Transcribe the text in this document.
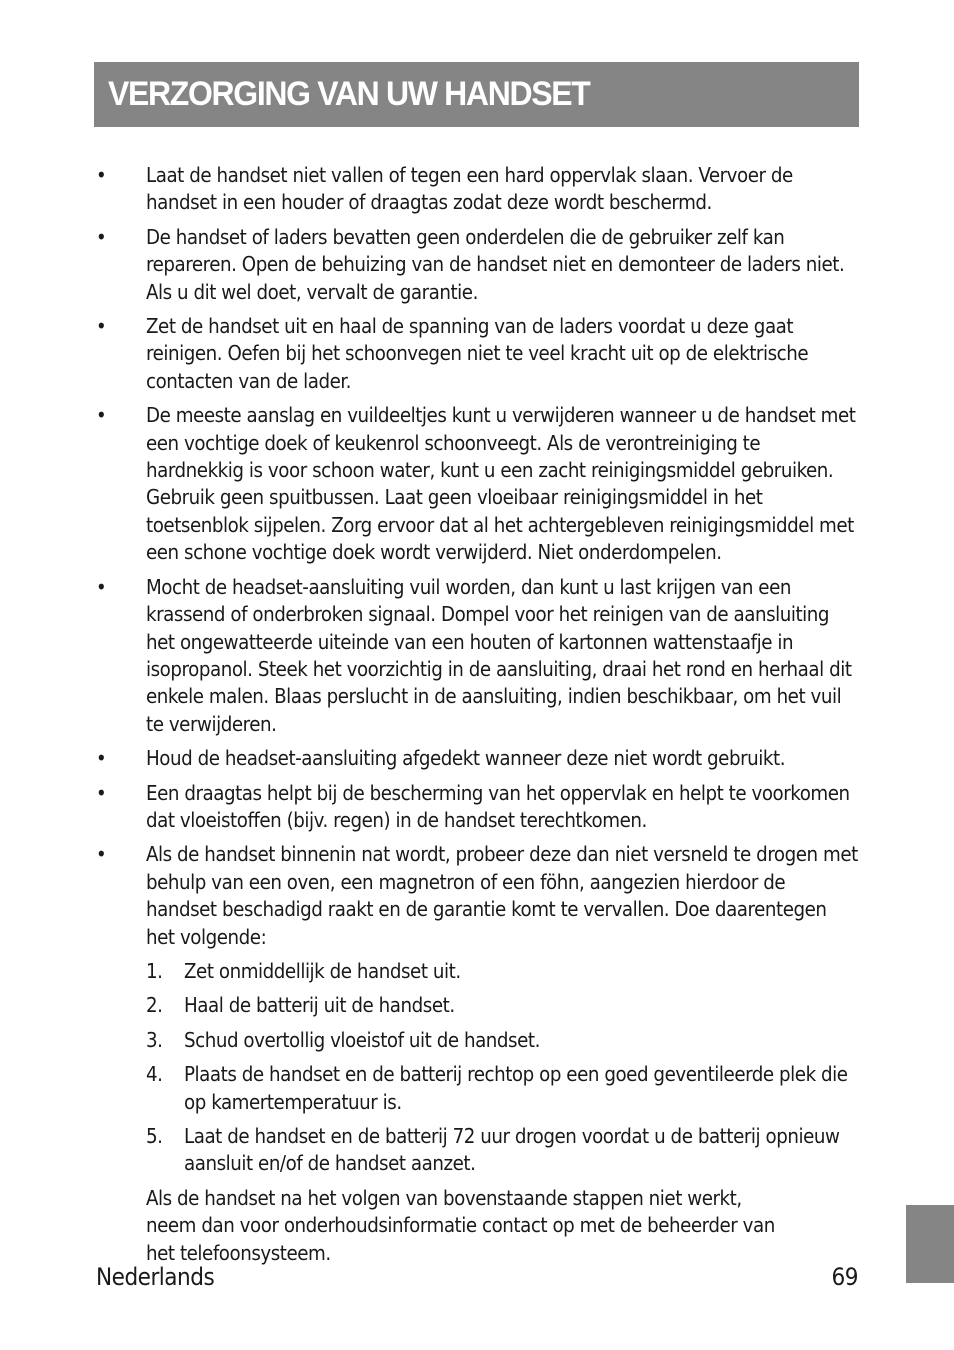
VERZORGING VAN UW HANDSET
• Laat de handset niet vallen of tegen een hard oppervlak slaan. Vervoer de handset in een houder of draagtas zodat deze wordt beschermd.
• De handset of laders bevatten geen onderdelen die de gebruiker zelf kan repareren. Open de behuizing van de handset niet en demonteer de laders niet. Als u dit wel doet, vervalt de garantie.
• Zet de handset uit en haal de spanning van de laders voordat u deze gaat reinigen. Oefen bij het schoonvegen niet te veel kracht uit op de elektrische contacten van de lader.
• De meeste aanslag en vuildeeltjes kunt u verwijderen wanneer u de handset met een vochtige doek of keukenrol schoonveegt. Als de verontreiniging te hardnekkig is voor schoon water, kunt u een zacht reinigingsmiddel gebruiken. Gebruik geen spuitbussen. Laat geen vloeibaar reinigingsmiddel in het toetsenblok sijpelen. Zorg ervoor dat al het achtergebleven reinigingsmiddel met een schone vochtige doek wordt verwijderd. Niet onderdompelen.
• Mocht de headset-aansluiting vuil worden, dan kunt u last krijgen van een krassend of onderbroken signaal. Dompel voor het reinigen van de aansluiting het ongewatteerde uiteinde van een houten of kartonnen wattenstaafje in isopropanol. Steek het voorzichtig in de aansluiting, draai het rond en herhaal dit enkele malen. Blaas perslucht in de aansluiting, indien beschikbaar, om het vuil te verwijderen.
• Houd de headset-aansluiting afgedekt wanneer deze niet wordt gebruikt.
• Een draagtas helpt bij de bescherming van het oppervlak en helpt te voorkomen dat vloeistoffen (bijv. regen) in de handset terechtkomen.
• Als de handset binnenin nat wordt, probeer deze dan niet versneld te drogen met behulp van een oven, een magnetron of een föhn, aangezien hierdoor de handset beschadigd raakt en de garantie komt te vervallen. Doe daarentegen het volgende:
1. Zet onmiddellijk de handset uit.
2. Haal de batterij uit de handset.
3. Schud overtollig vloeistof uit de handset.
4. Plaats de handset en de batterij rechtop op een goed geventileerde plek die op kamertemperatuur is.
5. Laat de handset en de batterij 72 uur drogen voordat u de batterij opnieuw aansluit en/of de handset aanzet.

Als de handset na het volgen van bovenstaande stappen niet werkt, neem dan voor onderhoudsinformatie contact op met de beheerder van het telefoonsysteem.

Nederlands	69
